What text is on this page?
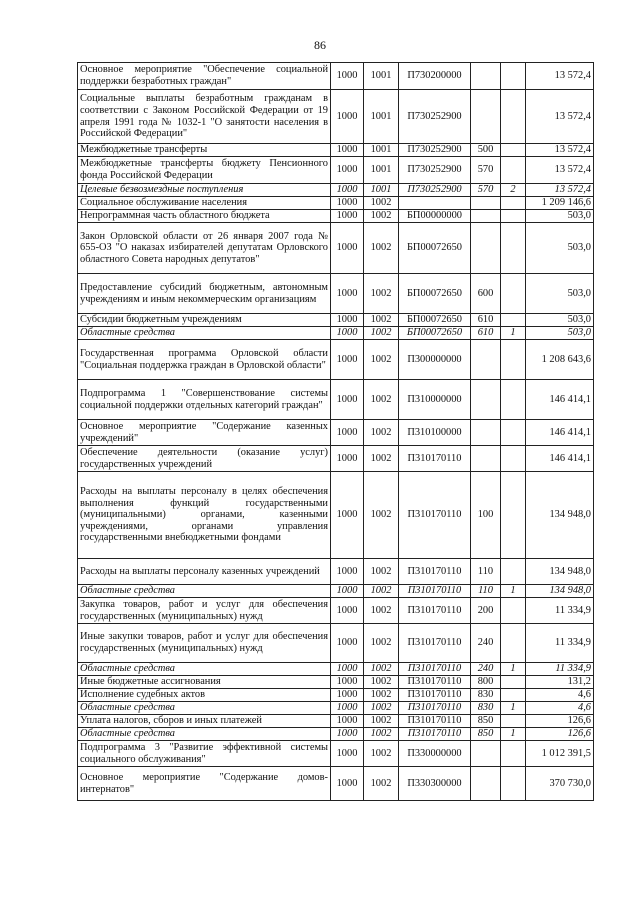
86
Основное мероприятие "Обеспечение социальной поддержки безработных граждан"	1000	1001	П730200000			13 572,4
Социальные выплаты безработным гражданам в соответствии с Законом Российской Федерации от 19 апреля 1991 года № 1032-1 "О занятости населения в Российской Федерации"	1000	1001	П730252900			13 572,4
Межбюджетные трансферты	1000	1001	П730252900	500		13 572,4
Межбюджетные трансферты бюджету Пенсионного фонда Российской Федерации	1000	1001	П730252900	570		13 572,4
Целевые безвозмездные поступления	1000	1001	П730252900	570	2	13 572,4
Социальное обслуживание населения	1000	1002				1 209 146,6
Непрограммная часть областного бюджета	1000	1002	БП00000000			503,0
Закон Орловской области от 26 января 2007 года № 655-ОЗ "О наказах избирателей депутатам Орловского областного Совета народных депутатов"	1000	1002	БП00072650			503,0
Предоставление субсидий бюджетным, автономным учреждениям и иным некоммерческим организациям	1000	1002	БП00072650	600		503,0
Субсидии бюджетным учреждениям	1000	1002	БП00072650	610		503,0
Областные средства	1000	1002	БП00072650	610	1	503,0
Государственная программа Орловской области "Социальная поддержка граждан в Орловской области"	1000	1002	П300000000			1 208 643,6
Подпрограмма 1 "Совершенствование системы социальной поддержки отдельных категорий граждан"	1000	1002	П310000000			146 414,1
Основное мероприятие "Содержание казенных учреждений"	1000	1002	П310100000			146 414,1
Обеспечение деятельности (оказание услуг) государственных учреждений	1000	1002	П310170110			146 414,1
Расходы на выплаты персоналу в целях обеспечения выполнения функций государственными (муниципальными) органами, казенными учреждениями, органами управления государственными внебюджетными фондами	1000	1002	П310170110	100		134 948,0
Расходы на выплаты персоналу казенных учреждений	1000	1002	П310170110	110		134 948,0
Областные средства	1000	1002	П310170110	110	1	134 948,0
Закупка товаров, работ и услуг для обеспечения государственных (муниципальных) нужд	1000	1002	П310170110	200		11 334,9
Иные закупки товаров, работ и услуг для обеспечения государственных (муниципальных) нужд	1000	1002	П310170110	240		11 334,9
Областные средства	1000	1002	П310170110	240	1	11 334,9
Иные бюджетные ассигнования	1000	1002	П310170110	800		131,2
Исполнение судебных актов	1000	1002	П310170110	830		4,6
Областные средства	1000	1002	П310170110	830	1	4,6
Уплата налогов, сборов и иных платежей	1000	1002	П310170110	850		126,6
Областные средства	1000	1002	П310170110	850	1	126,6
Подпрограмма 3 "Развитие эффективной системы социального обслуживания"	1000	1002	П330000000			1 012 391,5
Основное мероприятие "Содержание домов-интернатов"	1000	1002	П330300000			370 730,0
